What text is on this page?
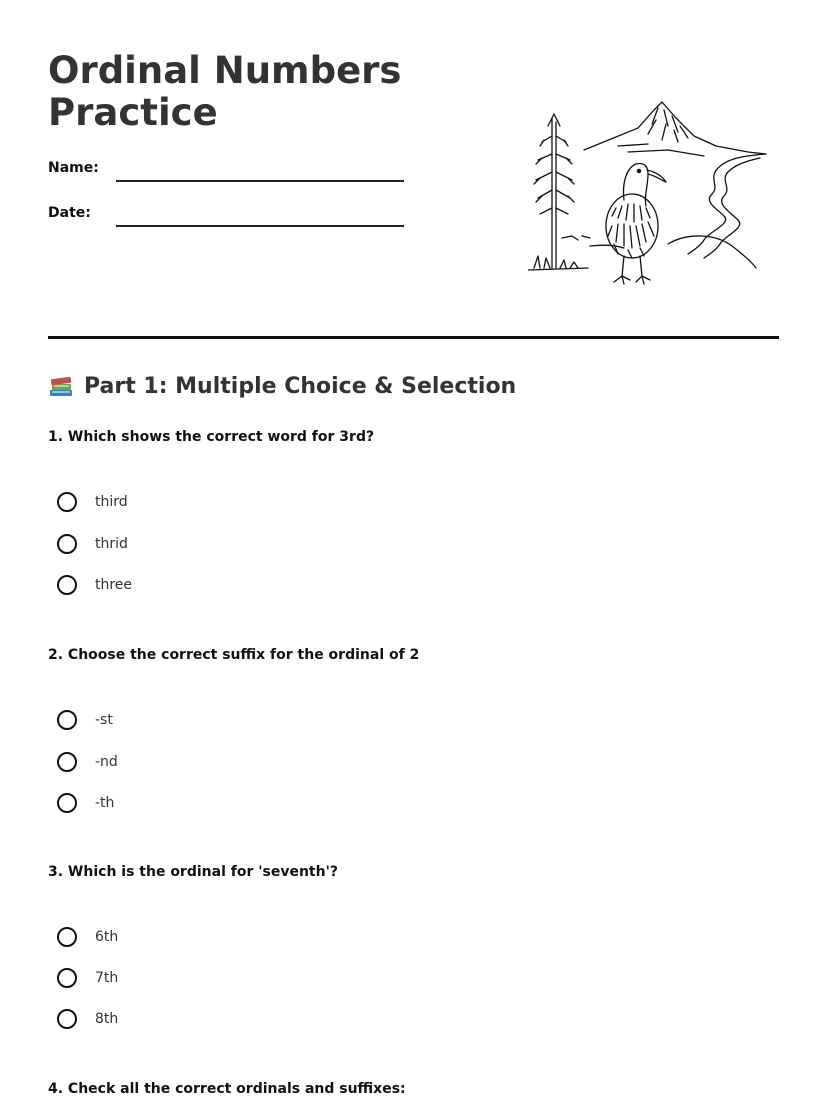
Ordinal Numbers
Practice
Name:
Date:
Part 1: Multiple Choice & Selection
1. Which shows the correct word for 3rd?
third
thrid
three
2. Choose the correct suffix for the ordinal of 2
-st
-nd
-th
3. Which is the ordinal for 'seventh'?
6th
7th
8th
4. Check all the correct ordinals and suffixes:
